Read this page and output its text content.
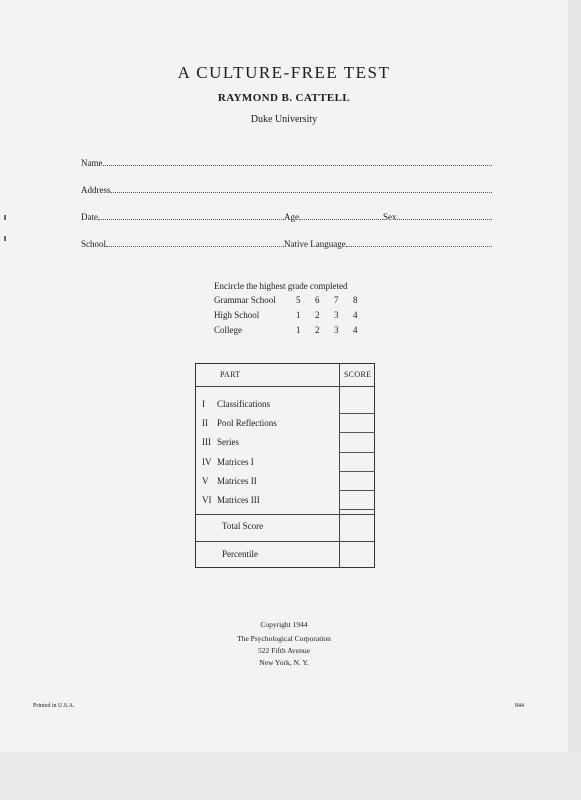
A CULTURE-FREE TEST
RAYMOND B. CATTELL
Duke University
Name
Address
Date	Age	Sex
School	Native Language
Encircle the highest grade completed
Grammar School	5	6	7	8
High School	1	2	3	4
College	1	2	3	4
PART	SCORE
I Classifications
II Pool Reflections
III Series
IV Matrices I
V Matrices II
VI Matrices III
Total Score
Percentile
Copyright 1944
The Psychological Corporation
522 Fifth Avenue
New York, N. Y.
Printed in U.S.A.	844
